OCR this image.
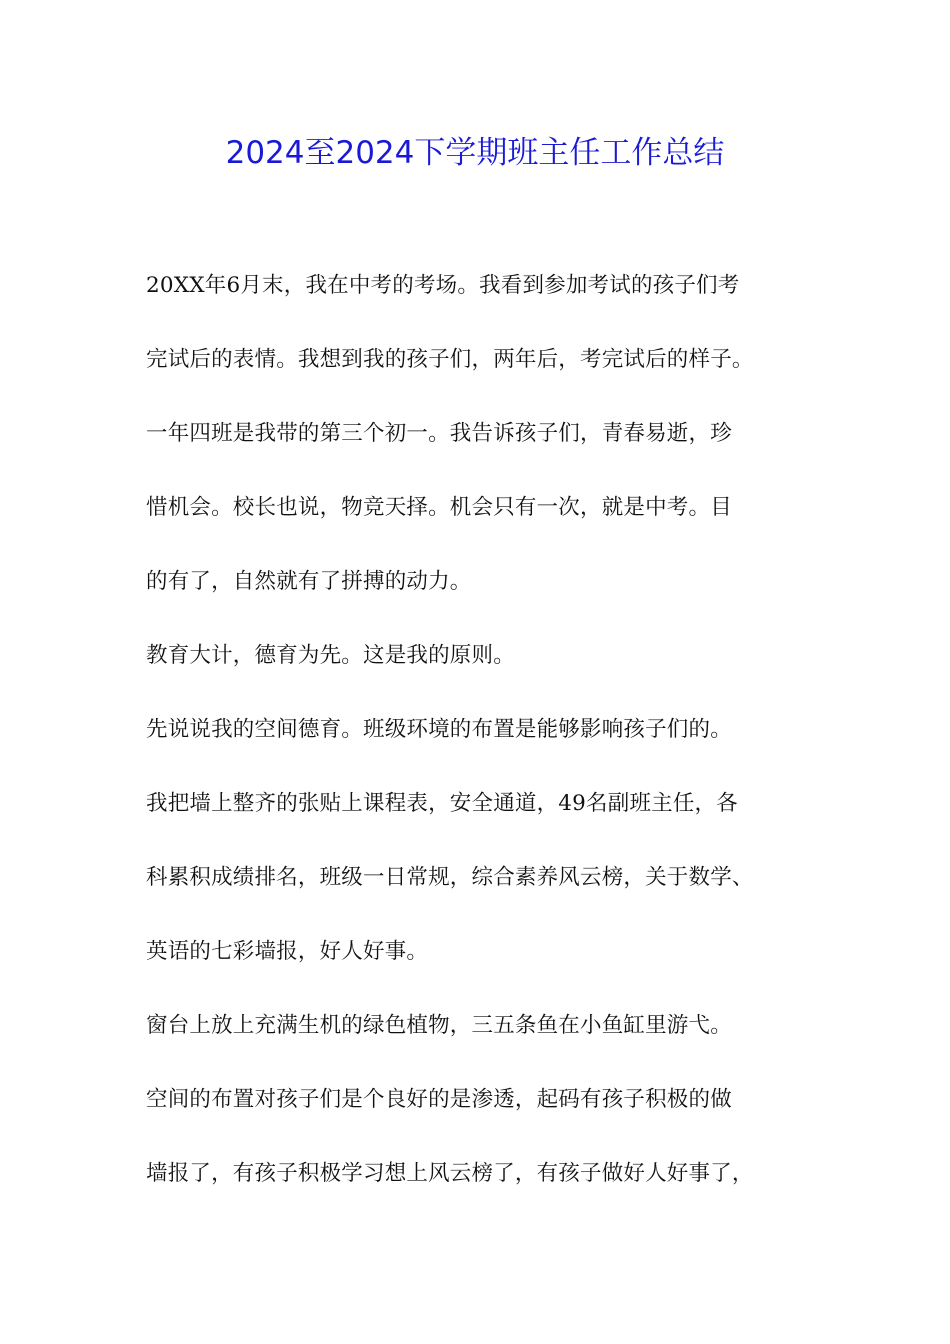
2024至2024下学期班主任工作总结
20XX年6月末，我在中考的考场。我看到参加考试的孩子们考
完试后的表情。我想到我的孩子们，两年后，考完试后的样子。
一年四班是我带的第三个初一。我告诉孩子们，青春易逝，珍
惜机会。校长也说，物竞天择。机会只有一次，就是中考。目
的有了，自然就有了拼搏的动力。
教育大计，德育为先。这是我的原则。
先说说我的空间德育。班级环境的布置是能够影响孩子们的。
我把墙上整齐的张贴上课程表，安全通道，49名副班主任，各
科累积成绩排名，班级一日常规，综合素养风云榜，关于数学、
英语的七彩墙报，好人好事。
窗台上放上充满生机的绿色植物，三五条鱼在小鱼缸里游弋。
空间的布置对孩子们是个良好的是渗透，起码有孩子积极的做
墙报了，有孩子积极学习想上风云榜了，有孩子做好人好事了，
